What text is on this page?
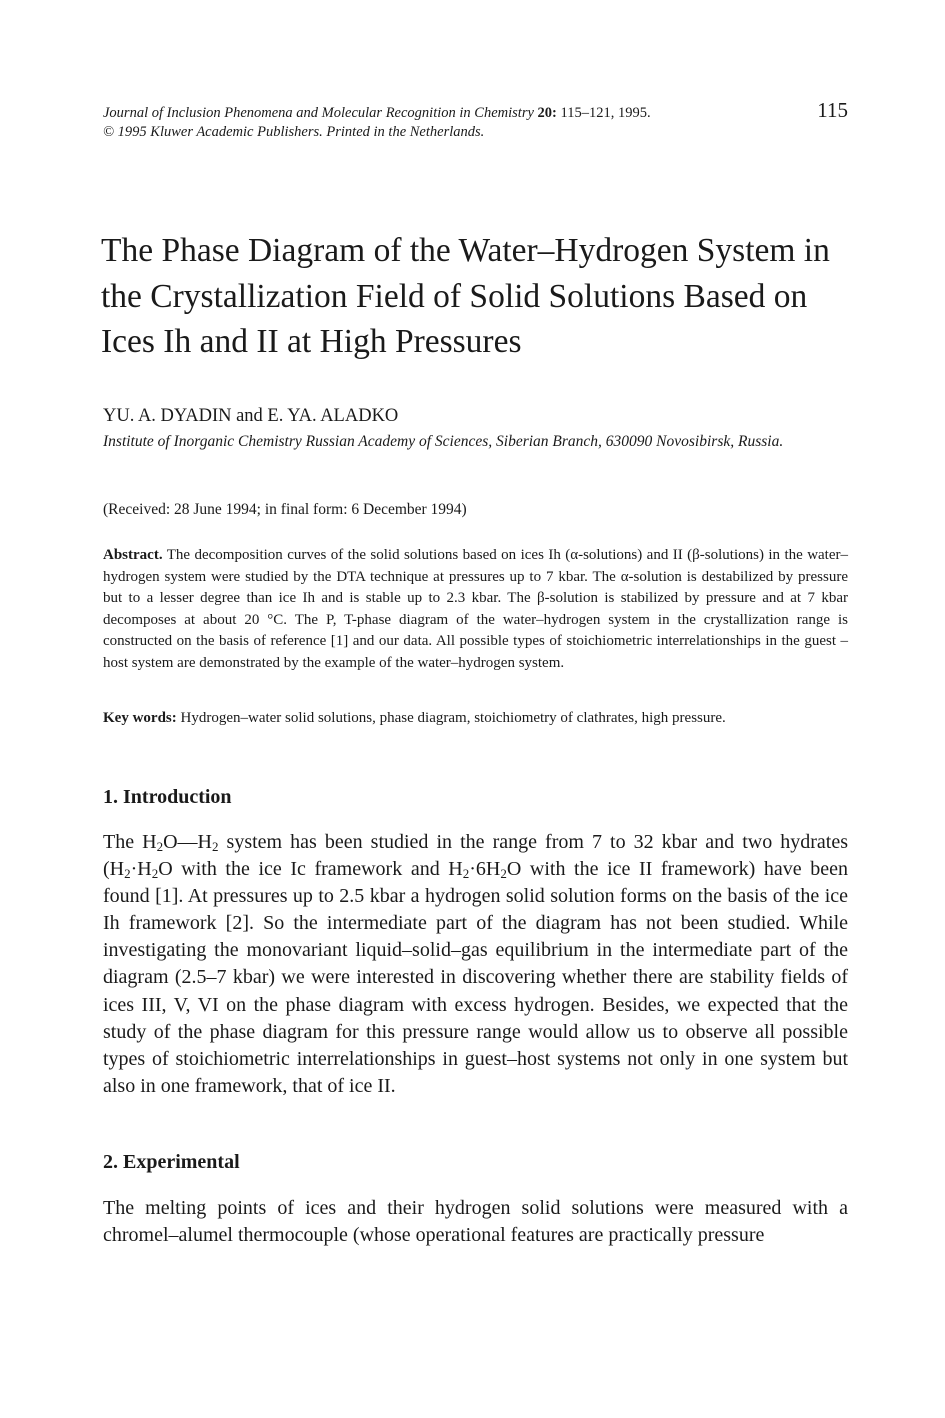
Journal of Inclusion Phenomena and Molecular Recognition in Chemistry 20: 115–121, 1995.
© 1995 Kluwer Academic Publishers. Printed in the Netherlands.
115
The Phase Diagram of the Water–Hydrogen System in the Crystallization Field of Solid Solutions Based on Ices Ih and II at High Pressures
YU. A. DYADIN and E. YA. ALADKO
Institute of Inorganic Chemistry Russian Academy of Sciences, Siberian Branch, 630090 Novosibirsk, Russia.
(Received: 28 June 1994; in final form: 6 December 1994)
Abstract. The decomposition curves of the solid solutions based on ices Ih (α-solutions) and II (β-solutions) in the water–hydrogen system were studied by the DTA technique at pressures up to 7 kbar. The α-solution is destabilized by pressure but to a lesser degree than ice Ih and is stable up to 2.3 kbar. The β-solution is stabilized by pressure and at 7 kbar decomposes at about 20 °C. The P, T-phase diagram of the water–hydrogen system in the crystallization range is constructed on the basis of reference [1] and our data. All possible types of stoichiometric interrelationships in the guest – host system are demonstrated by the example of the water–hydrogen system.
Key words: Hydrogen–water solid solutions, phase diagram, stoichiometry of clathrates, high pressure.
1. Introduction
The $H_2O—H_2$ system has been studied in the range from 7 to 32 kbar and two hydrates ($H_2\cdot H_2O$ with the ice Ic framework and $H_2\cdot 6H_2O$ with the ice II framework) have been found [1]. At pressures up to 2.5 kbar a hydrogen solid solution forms on the basis of the ice Ih framework [2]. So the intermediate part of the diagram has not been studied. While investigating the monovariant liquid–solid–gas equilibrium in the intermediate part of the diagram (2.5–7 kbar) we were interested in discovering whether there are stability fields of ices III, V, VI on the phase diagram with excess hydrogen. Besides, we expected that the study of the phase diagram for this pressure range would allow us to observe all possible types of stoichiometric interrelationships in guest–host systems not only in one system but also in one framework, that of ice II.
2. Experimental
The melting points of ices and their hydrogen solid solutions were measured with a chromel–alumel thermocouple (whose operational features are practically pressure
